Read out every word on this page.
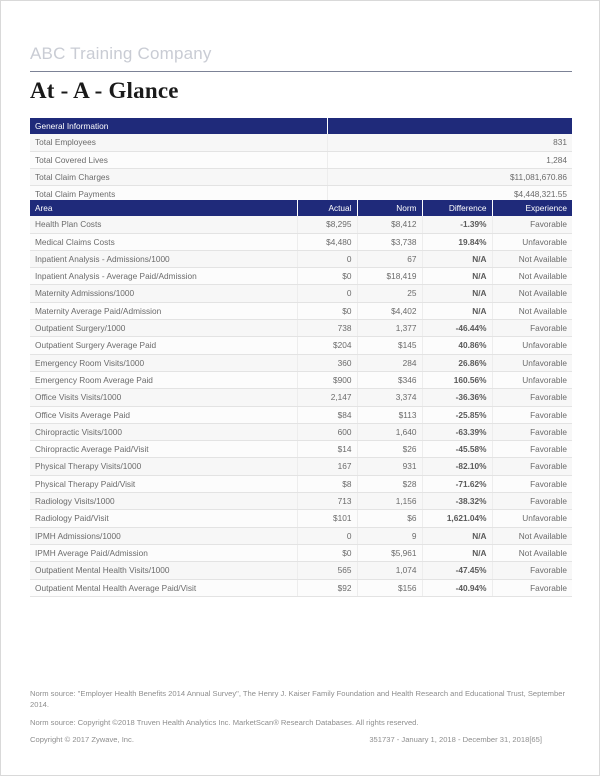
ABC Training Company
At - A - Glance
General Information	
Total Employees	831
Total Covered Lives	1,284
Total Claim Charges	$11,081,670.86
Total Claim Payments	$4,448,321.55
Area	Actual	Norm	Difference	Experience
Health Plan Costs	$8,295	$8,412	-1.39%	Favorable
Medical Claims Costs	$4,480	$3,738	19.84%	Unfavorable
Inpatient Analysis - Admissions/1000	0	67	N/A	Not Available
Inpatient Analysis - Average Paid/Admission	$0	$18,419	N/A	Not Available
Maternity Admissions/1000	0	25	N/A	Not Available
Maternity Average Paid/Admission	$0	$4,402	N/A	Not Available
Outpatient Surgery/1000	738	1,377	-46.44%	Favorable
Outpatient Surgery Average Paid	$204	$145	40.86%	Unfavorable
Emergency Room Visits/1000	360	284	26.86%	Unfavorable
Emergency Room Average Paid	$900	$346	160.56%	Unfavorable
Office Visits Visits/1000	2,147	3,374	-36.36%	Favorable
Office Visits Average Paid	$84	$113	-25.85%	Favorable
Chiropractic Visits/1000	600	1,640	-63.39%	Favorable
Chiropractic Average Paid/Visit	$14	$26	-45.58%	Favorable
Physical Therapy Visits/1000	167	931	-82.10%	Favorable
Physical Therapy Paid/Visit	$8	$28	-71.62%	Favorable
Radiology Visits/1000	713	1,156	-38.32%	Favorable
Radiology Paid/Visit	$101	$6	1,621.04%	Unfavorable
IPMH Admissions/1000	0	9	N/A	Not Available
IPMH Average Paid/Admission	$0	$5,961	N/A	Not Available
Outpatient Mental Health Visits/1000	565	1,074	-47.45%	Favorable
Outpatient Mental Health Average Paid/Visit	$92	$156	-40.94%	Favorable

Norm source: "Employer Health Benefits 2014 Annual Survey", The Henry J. Kaiser Family Foundation and Health Research and Educational Trust, September 2014.

Norm source: Copyright ©2018 Truven Health Analytics Inc. MarketScan® Research Databases. All rights reserved.

Copyright © 2017 Zywave, Inc.	351737 - January 1, 2018 - December 31, 2018[65]
